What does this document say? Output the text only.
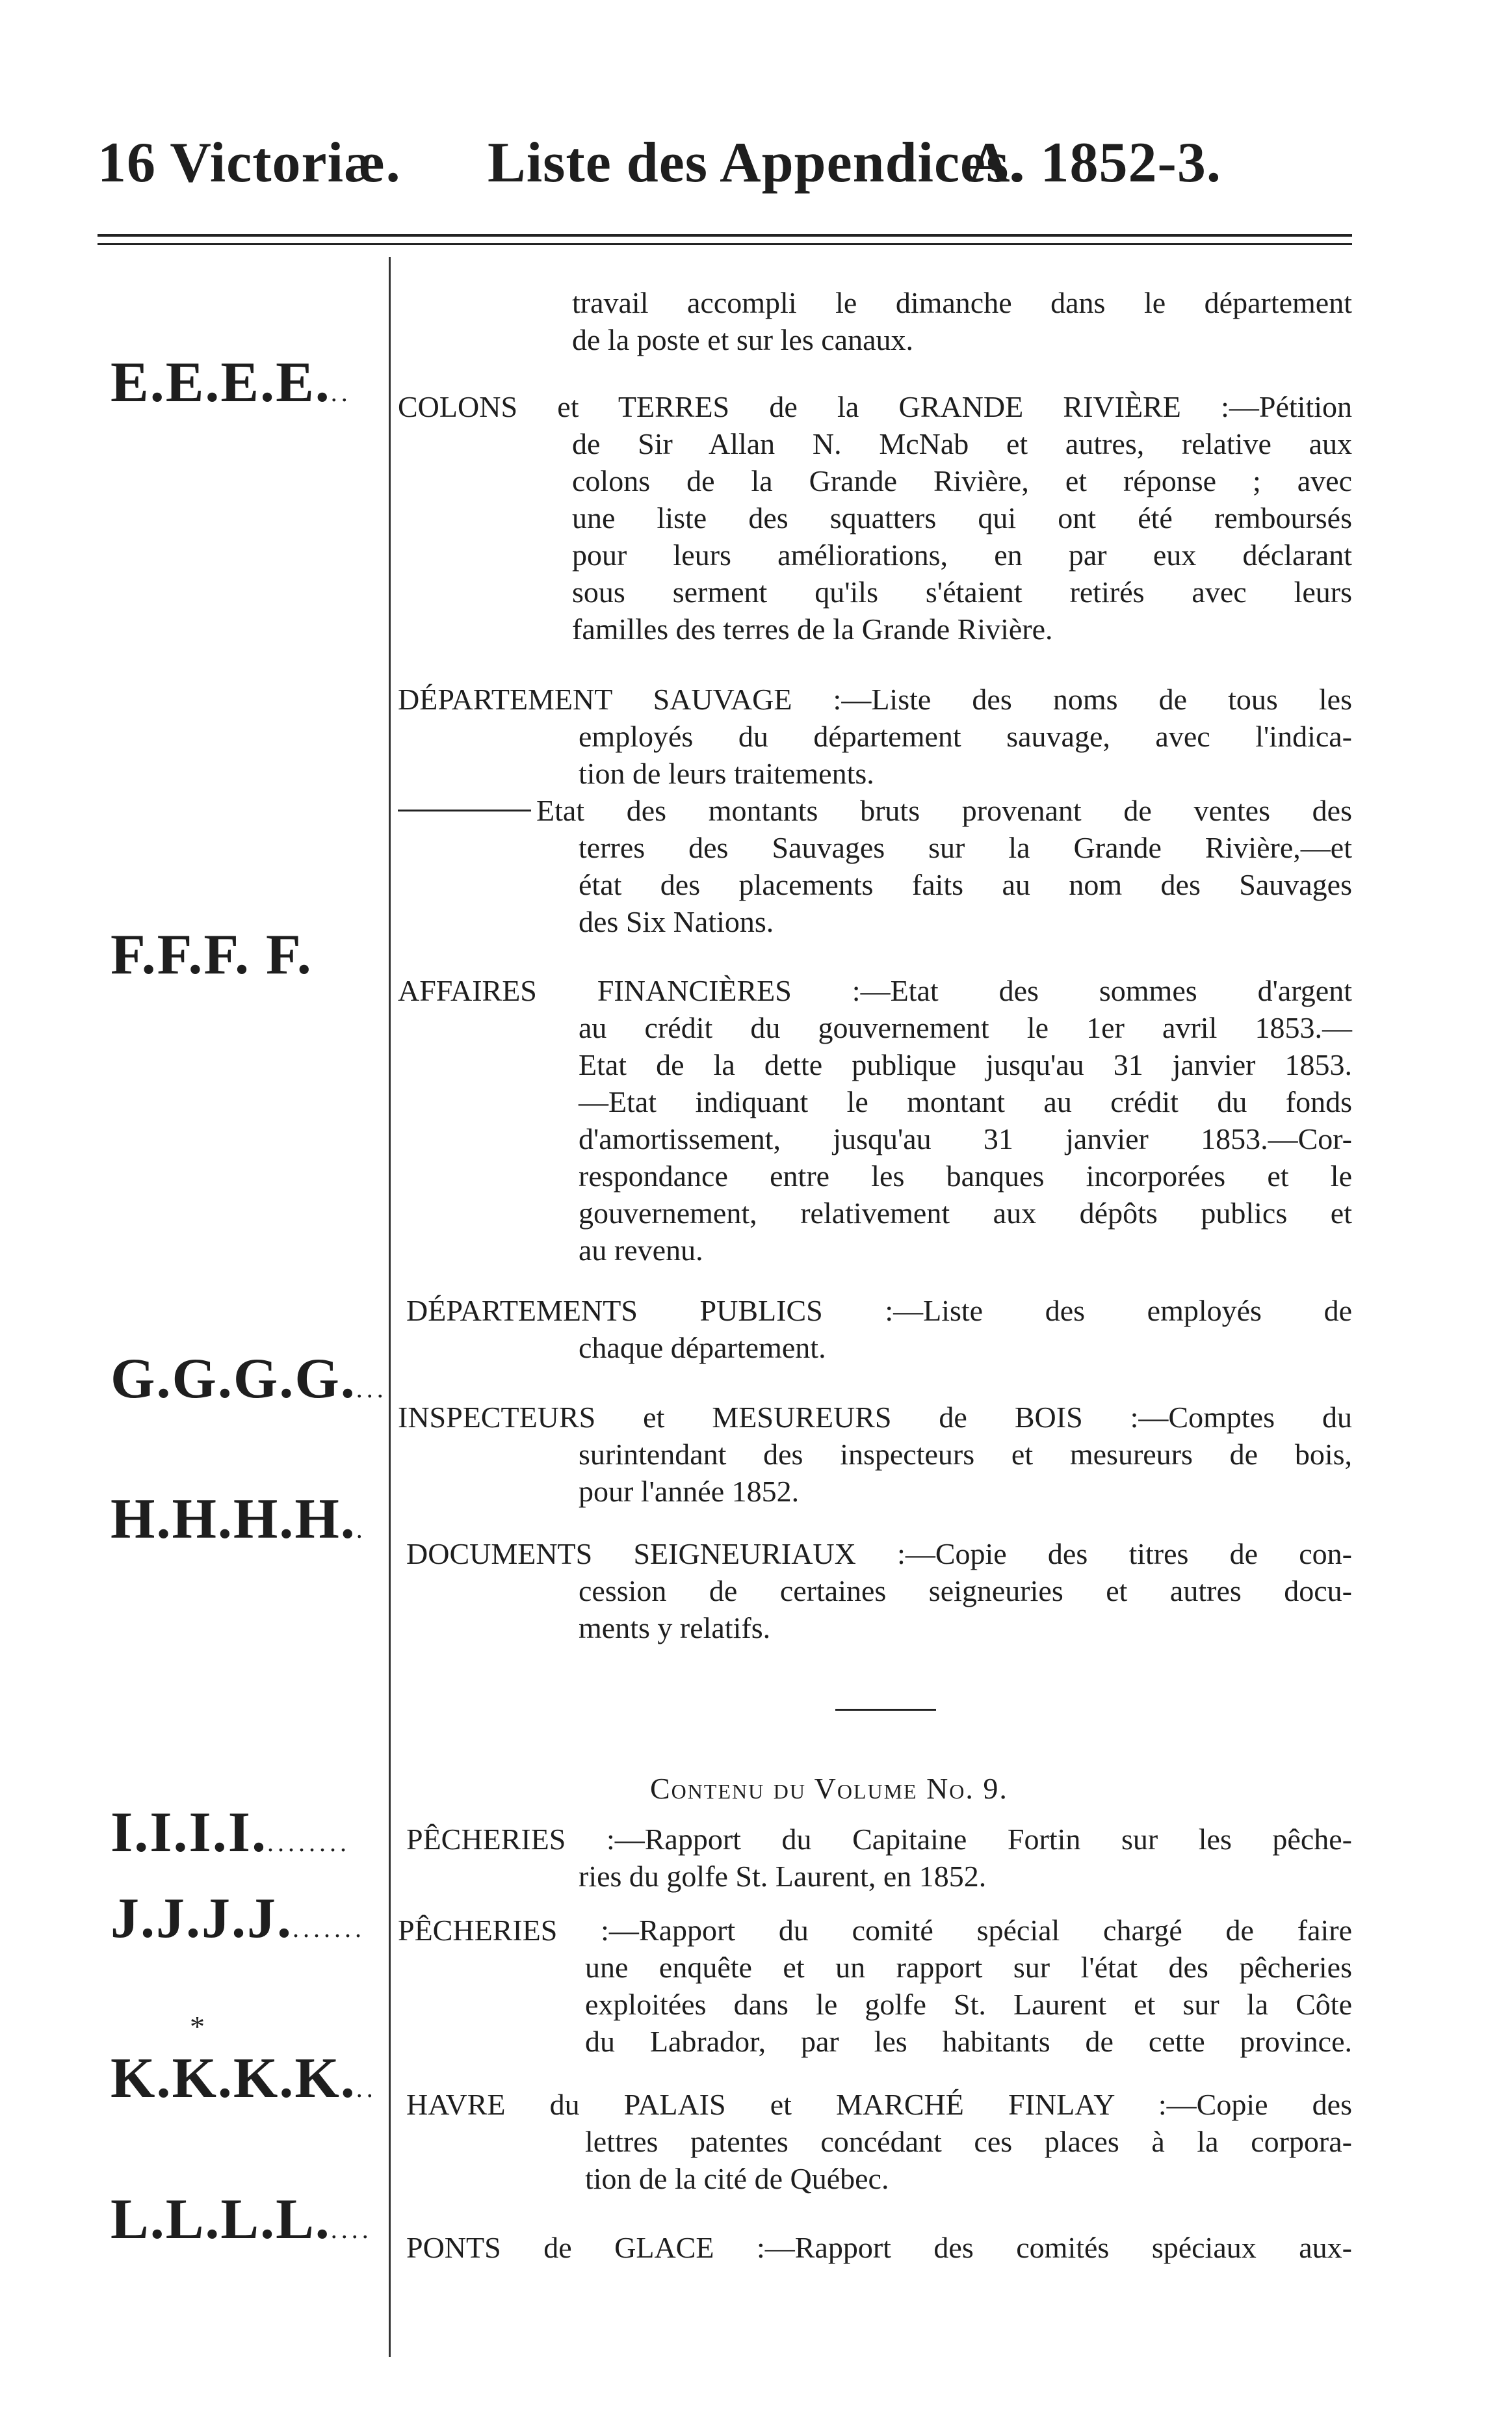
16 Victoriæ. Liste des Appendices.
A. 1852-3.
travail accompli le dimanche dans le département
de la poste et sur les canaux.
E.E.E.E... COLONS et TERRES de la GRANDE RIVIÈRE :—Pétition
de Sir Allan N. McNab et autres, relative aux
colons de la Grande Rivière, et réponse ; avec
une liste des squatters qui ont été remboursés
pour leurs améliorations, en par eux déclarant
sous serment qu'ils s'étaient retirés avec leurs
familles des terres de la Grande Rivière.
DÉPARTEMENT SAUVAGE :—Liste des noms de tous les
employés du département sauvage, avec l'indica-
tion de leurs traitements.
Etat des montants bruts provenant de ventes des
terres des Sauvages sur la Grande Rivière,—et
état des placements faits au nom des Sauvages
des Six Nations.
F.F.F. F.
AFFAIRES FINANCIÈRES :—Etat des sommes d'argent
au crédit du gouvernement le 1er avril 1853.—
Etat de la dette publique jusqu'au 31 janvier 1853.
—Etat indiquant le montant au crédit du fonds
d'amortissement, jusqu'au 31 janvier 1853.—Cor-
respondance entre les banques incorporées et le
gouvernement, relativement aux dépôts publics et
au revenu.
DÉPARTEMENTS PUBLICS :—Liste des employés de
chaque département.
G.G.G.G....
INSPECTEURS et MESUREURS de BOIS :—Comptes du
surintendant des inspecteurs et mesureurs de bois,
pour l'année 1852.
H.H.H.H..
DOCUMENTS SEIGNEURIAUX :—Copie des titres de con-
cession de certaines seigneuries et autres docu-
ments y relatifs.
Contenu du Volume No. 9.
I.I.I.I......... PÊCHERIES :—Rapport du Capitaine Fortin sur les pêche-
ries du golfe St. Laurent, en 1852.
J.J.J.J........ PÊCHERIES :—Rapport du comité spécial chargé de faire
une enquête et un rapport sur l'état des pêcheries
exploitées dans le golfe St. Laurent et sur la Côte
du Labrador, par les habitants de cette province.
*
K.K.K.K... HAVRE du PALAIS et MARCHÉ FINLAY :—Copie des
lettres patentes concédant ces places à la corpora-
tion de la cité de Québec.
L.L.L.L.....
PONTS de GLACE :—Rapport des comités spéciaux aux-
